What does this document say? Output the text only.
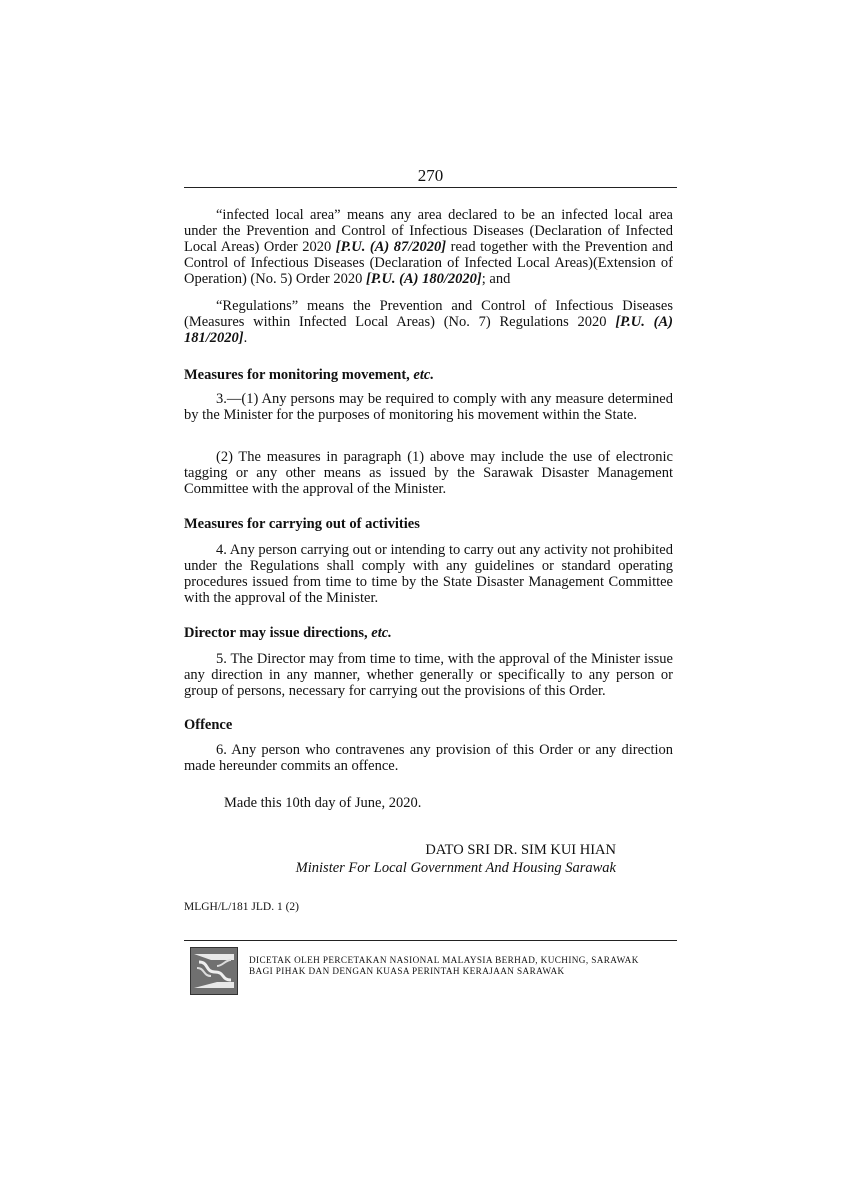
270

“infected local area” means any area declared to be an infected local area under the Prevention and Control of Infectious Diseases (Declaration of Infected Local Areas) Order 2020 [P.U. (A) 87/2020] read together with the Prevention and Control of Infectious Diseases (Declaration of Infected Local Areas)(Extension of Operation) (No. 5) Order 2020 [P.U. (A) 180/2020]; and

“Regulations” means the Prevention and Control of Infectious Diseases (Measures within Infected Local Areas) (No. 7) Regulations 2020 [P.U. (A) 181/2020].

Measures for monitoring movement, etc.

3.—(1) Any persons may be required to comply with any measure determined by the Minister for the purposes of monitoring his movement within the State.

(2) The measures in paragraph (1) above may include the use of electronic tagging or any other means as issued by the Sarawak Disaster Management Committee with the approval of the Minister.

Measures for carrying out of activities

4. Any person carrying out or intending to carry out any activity not prohibited under the Regulations shall comply with any guidelines or standard operating procedures issued from time to time by the State Disaster Management Committee with the approval of the Minister.

Director may issue directions, etc.

5. The Director may from time to time, with the approval of the Minister issue any direction in any manner, whether generally or specifically to any person or group of persons, necessary for carrying out the provisions of this Order.

Offence

6. Any person who contravenes any provision of this Order or any direction made hereunder commits an offence.

Made this 10th day of June, 2020.
DATO SRI DR. SIM KUI HIAN
Minister For Local Government And Housing Sarawak
MLGH/L/181 JLD. 1 (2)
DICETAK OLEH PERCETAKAN NASIONAL MALAYSIA BERHAD, KUCHING, SARAWAK
BAGI PIHAK DAN DENGAN KUASA PERINTAH KERAJAAN SARAWAK
